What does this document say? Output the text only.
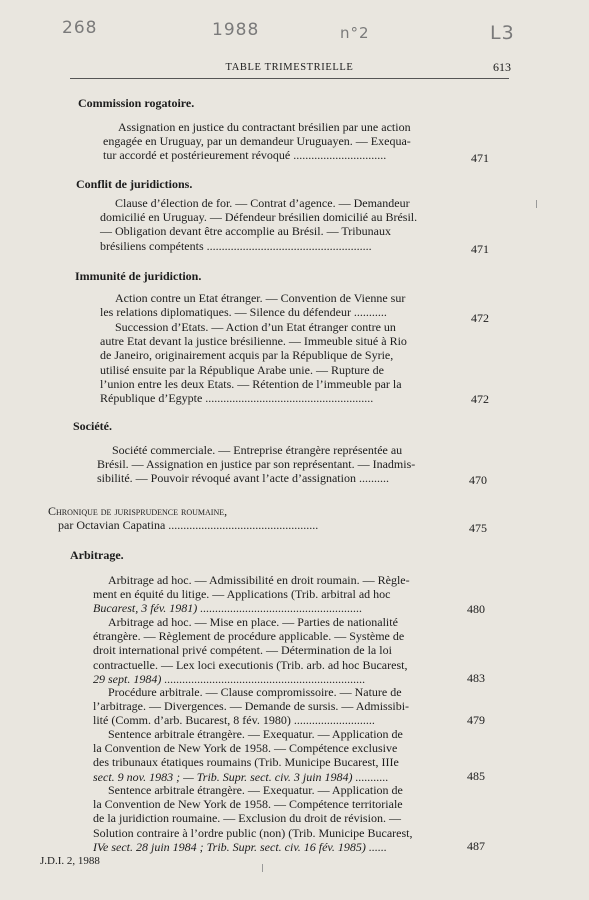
268	1988	n°2	L3
TABLE TRIMESTRIELLE	613
Commission rogatoire.
Assignation en justice du contractant brésilien par une action
engagée en Uruguay, par un demandeur Uruguayen. — Exequa-
tur accordé et postérieurement révoqué ...............................	471
Conflit de juridictions.
Clause d’élection de for. — Contrat d’agence. — Demandeur
domicilié en Uruguay. — Défendeur brésilien domicilié au Brésil.
— Obligation devant être accomplie au Brésil. — Tribunaux
brésiliens compétents .......................................................	471
Immunité de juridiction.
Action contre un Etat étranger. — Convention de Vienne sur
les relations diplomatiques. — Silence du défendeur ...........	472
Succession d’Etats. — Action d’un Etat étranger contre un
autre Etat devant la justice brésilienne. — Immeuble situé à Rio
de Janeiro, originairement acquis par la République de Syrie,
utilisé ensuite par la République Arabe unie. — Rupture de
l’union entre les deux Etats. — Rétention de l’immeuble par la
République d’Egypte ........................................................	472
Société.
Société commerciale. — Entreprise étrangère représentée au
Brésil. — Assignation en justice par son représentant. — Inadmis-
sibilité. — Pouvoir révoqué avant l’acte d’assignation ..........	470
Chronique de jurisprudence roumaine,
par Octavian Capatina ..................................................	475
Arbitrage.
Arbitrage ad hoc. — Admissibilité en droit roumain. — Règle-
ment en équité du litige. — Applications (Trib. arbitral ad hoc
Bucarest, 3 fév. 1981) ......................................................	480
Arbitrage ad hoc. — Mise en place. — Parties de nationalité
étrangère. — Règlement de procédure applicable. — Système de
droit international privé compétent. — Détermination de la loi
contractuelle. — Lex loci executionis (Trib. arb. ad hoc Bucarest,
29 sept. 1984) ...................................................................	483
Procédure arbitrale. — Clause compromissoire. — Nature de
l’arbitrage. — Divergences. — Demande de sursis. — Admissibi-
lité (Comm. d’arb. Bucarest, 8 fév. 1980) ...........................	479
Sentence arbitrale étrangère. — Exequatur. — Application de
la Convention de New York de 1958. — Compétence exclusive
des tribunaux étatiques roumains (Trib. Municipe Bucarest, IIIe
sect. 9 nov. 1983 ; — Trib. Supr. sect. civ. 3 juin 1984) ...........	485
Sentence arbitrale étrangère. — Exequatur. — Application de
la Convention de New York de 1958. — Compétence territoriale
de la juridiction roumaine. — Exclusion du droit de révision. —
Solution contraire à l’ordre public (non) (Trib. Municipe Bucarest,
IVe sect. 28 juin 1984 ; Trib. Supr. sect. civ. 16 fév. 1985) ......	487
J.D.I. 2, 1988
